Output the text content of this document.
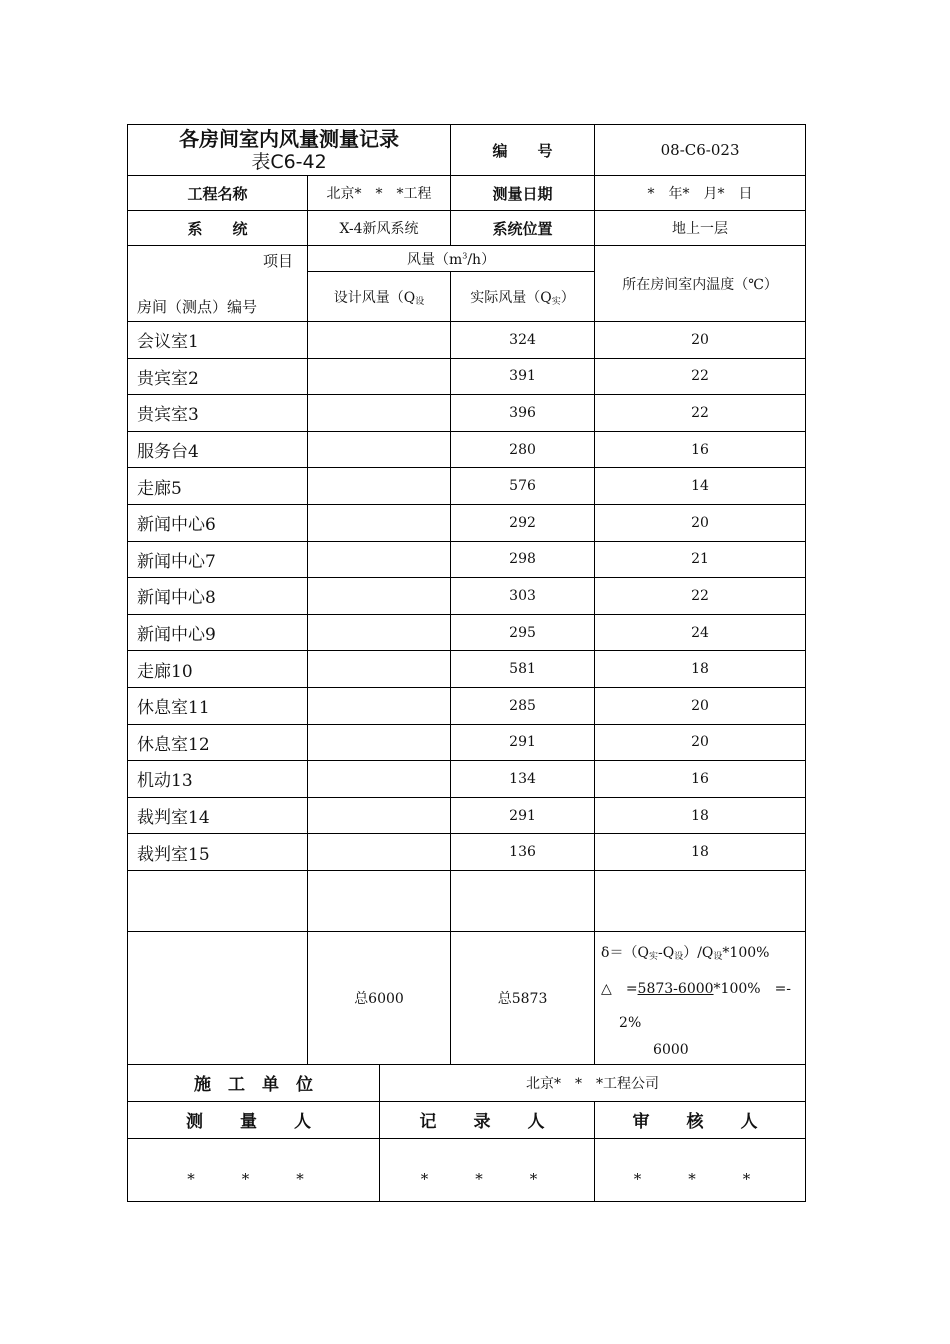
各房间室内风量测量记录
表C6-42			编　　号	08-C6-023
工程名称	北京*　*　*工程		测量日期	*　年*　月*　日
系　　统	X-4新风系统		系统位置	地上一层

项目
房间（测点）编号	风量$(m^3/h)$			所在房间室内温度（℃）
	设计风量（$Q_设$		实际风量$(Q_实)$	
会议室1			324	20
贵宾室2			391	22
贵宾室3			396	22
服务台4			280	16
走廊5			576	14
新闻中心6			292	20
新闻中心7			298	21
新闻中心8			303	22
新闻中心9			295	24
走廊10			581	18
休息室11			285	20
休息室12			291	20
机动13			134	16
裁判室14			291	18
裁判室15			136	18

	总6000		总5873	$\delta=(Q_实-Q_设)/Q_设*100\%$
△　=5873-6000*100%　=-
2%
6000

施　工　单　位		北京*　*　*工程公司		
测　量　人		记　录　人		审　核　人
*　*　*		*　*　*		*　*　*
